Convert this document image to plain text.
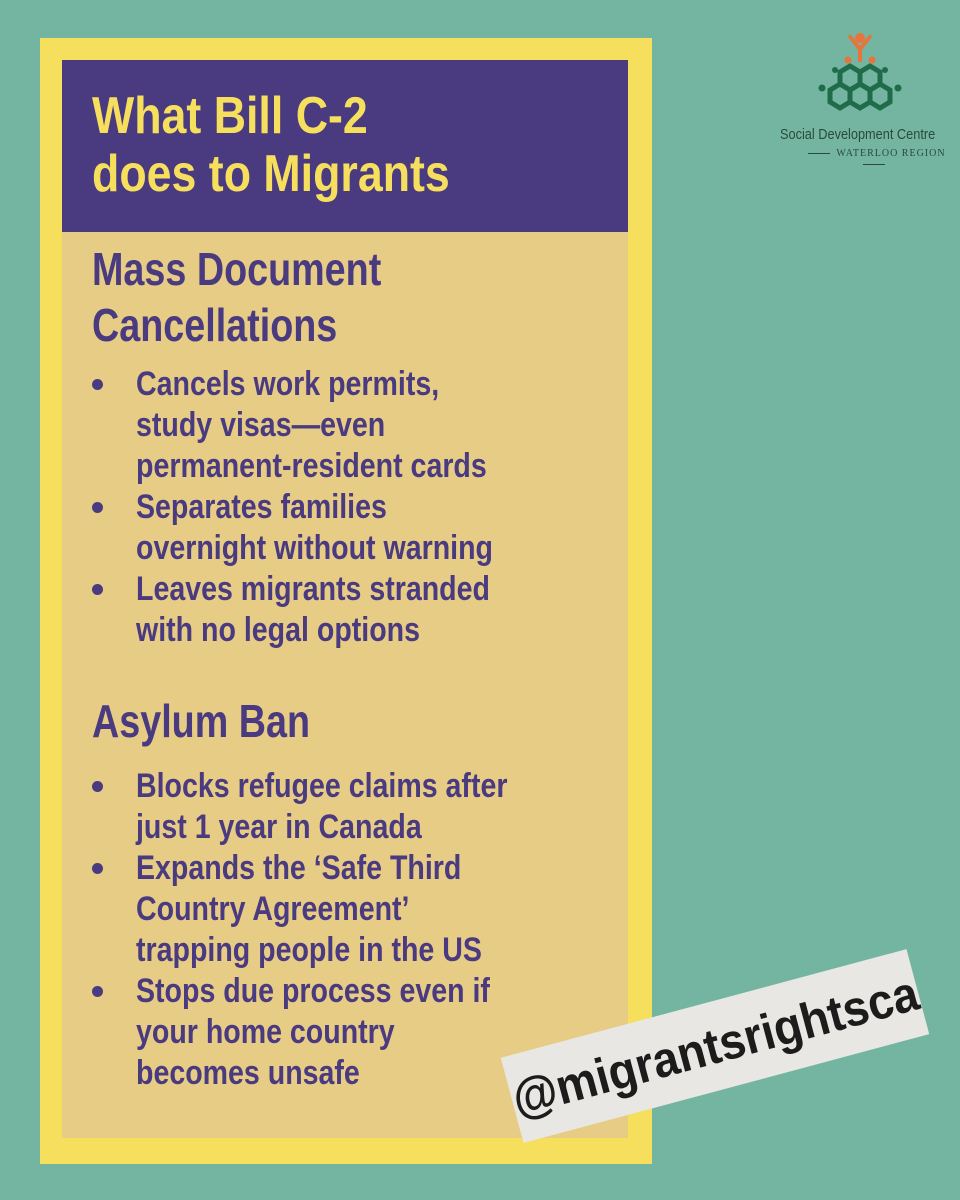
What Bill C-2
does to Migrants
Mass Document
Cancellations
Cancels work permits,
study visas—even
permanent-resident cards
Separates families
overnight without warning
Leaves migrants stranded
with no legal options
Asylum Ban
Blocks refugee claims after
just 1 year in Canada
Expands the ‘Safe Third
Country Agreement’
trapping people in the US
Stops due process even if
your home country
becomes unsafe
Social Development Centre
WATERLOO REGION
@migrantsrightsca
